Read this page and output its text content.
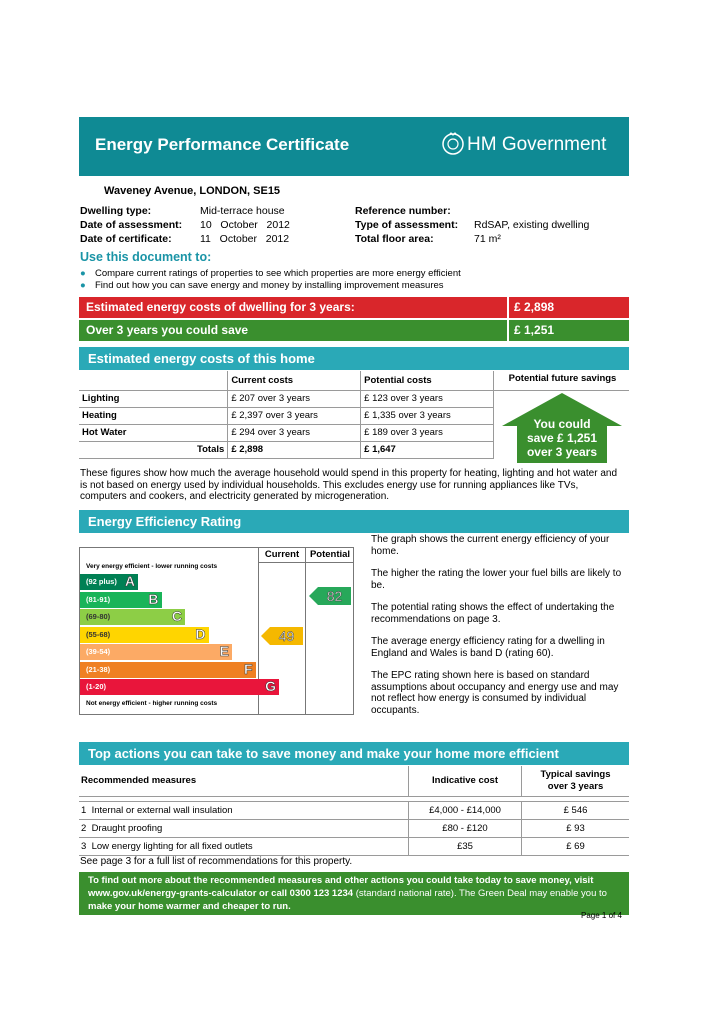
Energy Performance Certificate	HM Government
Waveney Avenue, LONDON, SE15
Dwelling type:	Mid-terrace house
Date of assessment: 10   October   2012
Date of certificate:	11   October   2012
Reference number:
Type of assessment: RdSAP, existing dwelling
Total floor area:	71 m²
Use this document to:
● Compare current ratings of properties to see which properties are more energy efficient
● Find out how you can save energy and money by installing improvement measures
Estimated energy costs of dwelling for 3 years:	£ 2,898
Over 3 years you could save	£ 1,251
Estimated energy costs of this home
	Current costs	Potential costs
Lighting	£ 207 over 3 years	£ 123 over 3 years
Heating	£ 2,397 over 3 years	£ 1,335 over 3 years
Hot Water	£ 294 over 3 years	£ 189 over 3 years
Totals	£ 2,898	£ 1,647
Potential future savings
You could
save £ 1,251
over 3 years
These figures show how much the average household would spend in this property for heating, lighting and hot water and is not based on energy used by individual households. This excludes energy use for running appliances like TVs, computers and cookers, and electricity generated by microgeneration.
Energy Efficiency Rating
Current	Potential
Very energy efficient - lower running costs
Not energy efficient - higher running costs
(92 plus) A
(81-91)	B
(69-80)	C
(55-68)	D
(39-54)	E
(21-38)	F
(1-20)	G
49
82
The graph shows the current energy efficiency of your home.
The higher the rating the lower your fuel bills are likely to be.
The potential rating shows the effect of undertaking the recommendations on page 3.
The average energy efficiency rating for a dwelling in England and Wales is band D (rating 60).
The EPC rating shown here is based on standard assumptions about occupancy and energy use and may not reflect how energy is consumed by individual occupants.
Top actions you can take to save money and make your home more efficient
Recommended measures	Indicative cost	Typical savings
over 3 years

1 Internal or external wall insulation	£4,000 - £14,000	£ 546
2 Draught proofing	£80 - £120	£ 93
3 Low energy lighting for all fixed outlets	£35	£ 69
See page 3 for a full list of recommendations for this property.
To find out more about the recommended measures and other actions you could take today to save money, visit
www.gov.uk/energy-grants-calculator or call 0300 123 1234 (standard national rate). The Green Deal may enable you to
make your home warmer and cheaper to run.
Page 1 of 4
